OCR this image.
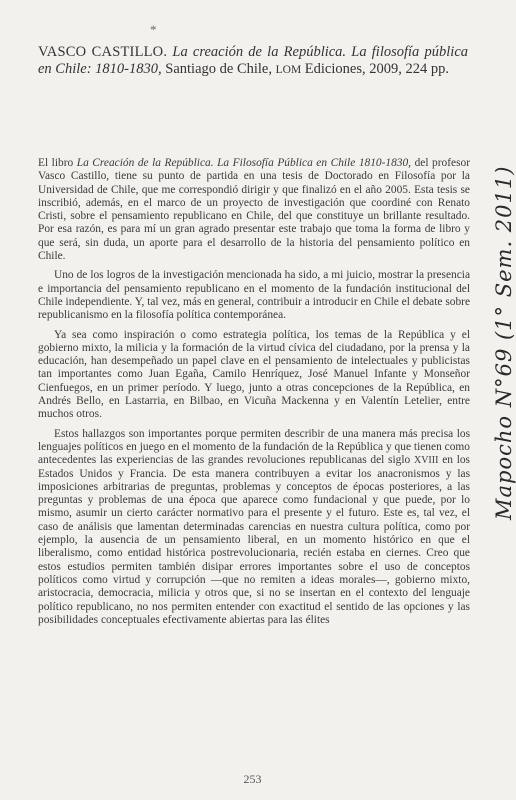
*
VASCO CASTILLO. La creación de la República. La filosofía pública en Chile: 1810-1830, Santiago de Chile, LOM Ediciones, 2009, 224 pp.

El libro La Creación de la República. La Filosofía Pública en Chile 1810-1830, del profesor Vasco Castillo, tiene su punto de partida en una tesis de Doctorado en Filosofía por la Universidad de Chile, que me correspondió dirigir y que finalizó en el año 2005. Esta tesis se inscribió, además, en el marco de un proyecto de investigación que coordiné con Renato Cristi, sobre el pensamiento republicano en Chile, del que constituye un brillante resultado. Por esa razón, es para mí un gran agrado presentar este trabajo que toma la forma de libro y que será, sin duda, un aporte para el desarrollo de la historia del pensamiento político en Chile.

Uno de los logros de la investigación mencionada ha sido, a mi juicio, mostrar la presencia e importancia del pensamiento republicano en el momento de la fundación institucional del Chile independiente. Y, tal vez, más en general, contribuir a introducir en Chile el debate sobre republicanismo en la filosofía política contemporánea.

Ya sea como inspiración o como estrategia política, los temas de la República y el gobierno mixto, la milicia y la formación de la virtud cívica del ciudadano, por la prensa y la educación, han desempeñado un papel clave en el pensamiento de intelectuales y publicistas tan importantes como Juan Egaña, Camilo Henríquez, José Manuel Infante y Monseñor Cienfuegos, en un primer período. Y luego, junto a otras concepciones de la República, en Andrés Bello, en Lastarria, en Bilbao, en Vicuña Mackenna y en Valentín Letelier, entre muchos otros.

Estos hallazgos son importantes porque permiten describir de una manera más precisa los lenguajes políticos en juego en el momento de la fundación de la República y que tienen como antecedentes las experiencias de las grandes revoluciones republicanas del siglo XVIII en los Estados Unidos y Francia. De esta manera contribuyen a evitar los anacronismos y las imposiciones arbitrarias de preguntas, problemas y conceptos de épocas posteriores, a las preguntas y problemas de una época que aparece como fundacional y que puede, por lo mismo, asumir un cierto carácter normativo para el presente y el futuro. Este es, tal vez, el caso de análisis que lamentan determinadas carencias en nuestra cultura política, como por ejemplo, la ausencia de un pensamiento liberal, en un momento histórico en que el liberalismo, como entidad histórica postrevolucionaria, recién estaba en ciernes. Creo que estos estudios permiten también disipar errores importantes sobre el uso de conceptos políticos como virtud y corrupción —que no remiten a ideas morales—, gobierno mixto, aristocracia, democracia, milicia y otros que, si no se insertan en el contexto del lenguaje político republicano, no nos permiten entender con exactitud el sentido de las opciones y las posibilidades conceptuales efectivamente abiertas para las élites

253
Mapocho N°69 (1° Sem. 2011)
